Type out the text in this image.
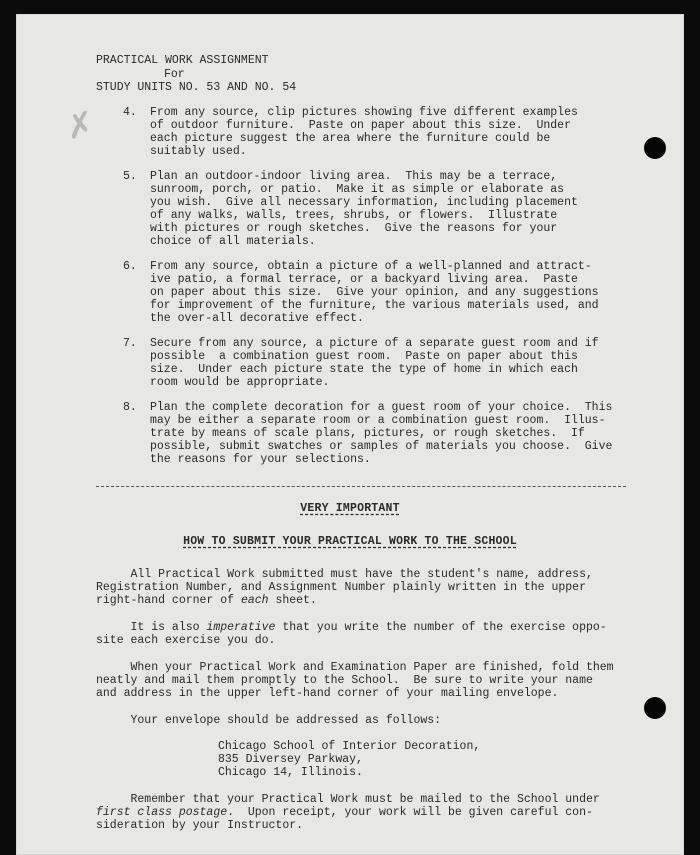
✗
PRACTICAL WORK ASSIGNMENT
For
STUDY UNITS NO. 53 AND NO. 54
4. From any source, clip pictures showing five different examples
of outdoor furniture.  Paste on paper about this size.  Under
each picture suggest the area where the furniture could be
suitably used.
5. Plan an outdoor-indoor living area.  This may be a terrace,
sunroom, porch, or patio.  Make it as simple or elaborate as
you wish.  Give all necessary information, including placement
of any walks, walls, trees, shrubs, or flowers.  Illustrate
with pictures or rough sketches.  Give the reasons for your
choice of all materials.
6. From any source, obtain a picture of a well-planned and attract-
ive patio, a formal terrace, or a backyard living area.  Paste
on paper about this size.  Give your opinion, and any suggestions
for improvement of the furniture, the various materials used, and
the over-all decorative effect.
7. Secure from any source, a picture of a separate guest room and if
possible  a combination guest room.  Paste on paper about this
size.  Under each picture state the type of home in which each
room would be appropriate.
8. Plan the complete decoration for a guest room of your choice.  This
may be either a separate room or a combination guest room.  Illus-
trate by means of scale plans, pictures, or rough sketches.  If
possible, submit swatches or samples of materials you choose.  Give
the reasons for your selections.
VERY IMPORTANT
HOW TO SUBMIT YOUR PRACTICAL WORK TO THE SCHOOL
All Practical Work submitted must have the student's name, address,
Registration Number, and Assignment Number plainly written in the upper
right-hand corner of each sheet.
It is also imperative that you write the number of the exercise oppo-
site each exercise you do.
When your Practical Work and Examination Paper are finished, fold them
neatly and mail them promptly to the School.  Be sure to write your name
and address in the upper left-hand corner of your mailing envelope.
Your envelope should be addressed as follows:
Chicago School of Interior Decoration,
835 Diversey Parkway,
Chicago 14, Illinois.
Remember that your Practical Work must be mailed to the School under
first class postage.  Upon receipt, your work will be given careful con-
sideration by your Instructor.
